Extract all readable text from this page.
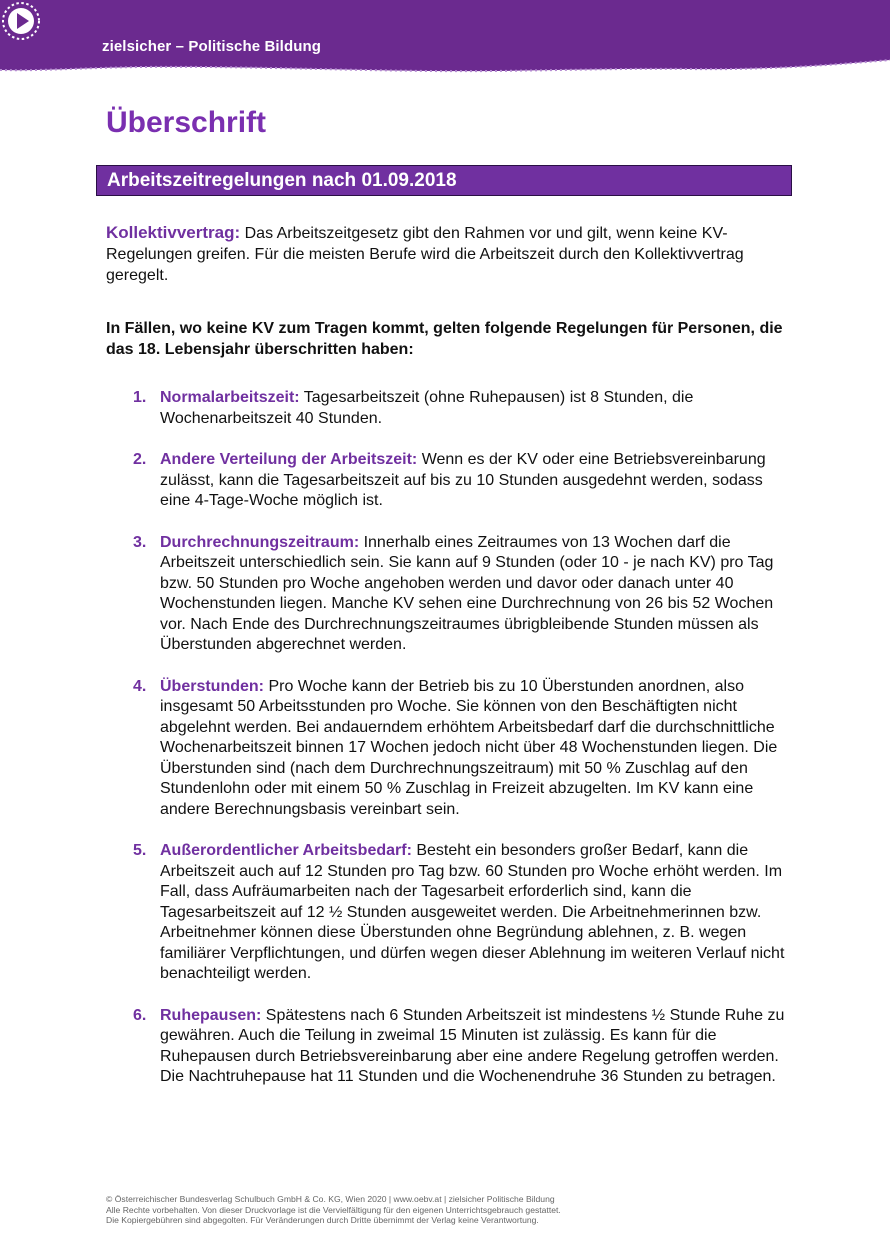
zielsicher – Politische Bildung
Überschrift
Arbeitszeitregelungen nach 01.09.2018
Kollektivvertrag: Das Arbeitszeitgesetz gibt den Rahmen vor und gilt, wenn keine KV-Regelungen greifen. Für die meisten Berufe wird die Arbeitszeit durch den Kollektivvertrag geregelt.
In Fällen, wo keine KV zum Tragen kommt, gelten folgende Regelungen für Personen, die das 18. Lebensjahr überschritten haben:
1. Normalarbeitszeit: Tagesarbeitszeit (ohne Ruhepausen) ist 8 Stunden, die Wochenarbeitszeit 40 Stunden.
2. Andere Verteilung der Arbeitszeit: Wenn es der KV oder eine Betriebsvereinbarung zulässt, kann die Tagesarbeitszeit auf bis zu 10 Stunden ausgedehnt werden, sodass eine 4-Tage-Woche möglich ist.
3. Durchrechnungszeitraum: Innerhalb eines Zeitraumes von 13 Wochen darf die Arbeitszeit unterschiedlich sein. Sie kann auf 9 Stunden (oder 10 - je nach KV) pro Tag bzw. 50 Stunden pro Woche angehoben werden und davor oder danach unter 40 Wochenstunden liegen. Manche KV sehen eine Durchrechnung von 26 bis 52 Wochen vor. Nach Ende des Durchrechnungszeitraumes übrigbleibende Stunden müssen als Überstunden abgerechnet werden.
4. Überstunden: Pro Woche kann der Betrieb bis zu 10 Überstunden anordnen, also insgesamt 50 Arbeitsstunden pro Woche. Sie können von den Beschäftigten nicht abgelehnt werden. Bei andauerndem erhöhtem Arbeitsbedarf darf die durchschnittliche Wochenarbeitszeit binnen 17 Wochen jedoch nicht über 48 Wochenstunden liegen. Die Überstunden sind (nach dem Durchrechnungszeitraum) mit 50 % Zuschlag auf den Stundenlohn oder mit einem 50 % Zuschlag in Freizeit abzugelten. Im KV kann eine andere Berechnungsbasis vereinbart sein.
5. Außerordentlicher Arbeitsbedarf: Besteht ein besonders großer Bedarf, kann die Arbeitszeit auch auf 12 Stunden pro Tag bzw. 60 Stunden pro Woche erhöht werden. Im Fall, dass Aufräumarbeiten nach der Tagesarbeit erforderlich sind, kann die Tagesarbeitszeit auf 12 ½ Stunden ausgeweitet werden. Die Arbeitnehmerinnen bzw. Arbeitnehmer können diese Überstunden ohne Begründung ablehnen, z. B. wegen familiärer Verpflichtungen, und dürfen wegen dieser Ablehnung im weiteren Verlauf nicht benachteiligt werden.
6. Ruhepausen: Spätestens nach 6 Stunden Arbeitszeit ist mindestens ½ Stunde Ruhe zu gewähren. Auch die Teilung in zweimal 15 Minuten ist zulässig. Es kann für die Ruhepausen durch Betriebsvereinbarung aber eine andere Regelung getroffen werden. Die Nachtruhepause hat 11 Stunden und die Wochenendruhe 36 Stunden zu betragen.
© Österreichischer Bundesverlag Schulbuch GmbH & Co. KG, Wien 2020 | www.oebv.at | zielsicher Politische Bildung
Alle Rechte vorbehalten. Von dieser Druckvorlage ist die Vervielfältigung für den eigenen Unterrichtsgebrauch gestattet.
Die Kopiergebühren sind abgegolten. Für Veränderungen durch Dritte übernimmt der Verlag keine Verantwortung.
